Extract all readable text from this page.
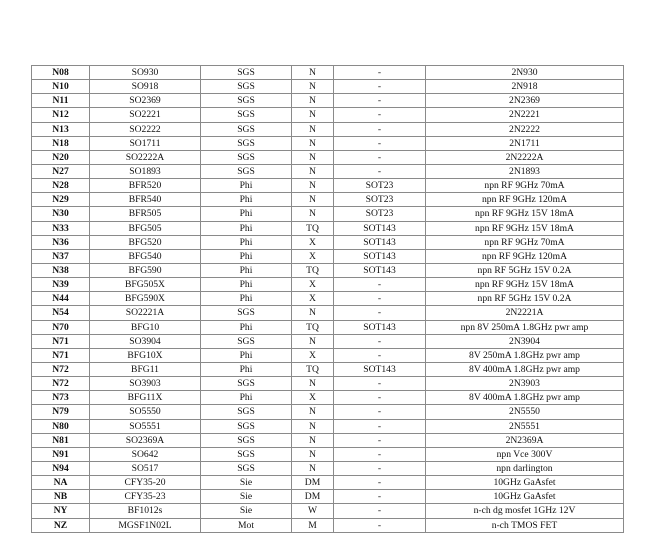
N08	SO930	SGS	N	-	2N930
N10	SO918	SGS	N	-	2N918
N11	SO2369	SGS	N	-	2N2369
N12	SO2221	SGS	N	-	2N2221
N13	SO2222	SGS	N	-	2N2222
N18	SO1711	SGS	N	-	2N1711
N20	SO2222A	SGS	N	-	2N2222A
N27	SO1893	SGS	N	-	2N1893
N28	BFR520	Phi	N	SOT23	npn RF 9GHz 70mA
N29	BFR540	Phi	N	SOT23	npn RF 9GHz 120mA
N30	BFR505	Phi	N	SOT23	npn RF 9GHz 15V 18mA
N33	BFG505	Phi	TQ	SOT143	npn RF 9GHz 15V 18mA
N36	BFG520	Phi	X	SOT143	npn RF 9GHz 70mA
N37	BFG540	Phi	X	SOT143	npn RF 9GHz 120mA
N38	BFG590	Phi	TQ	SOT143	npn RF 5GHz 15V 0.2A
N39	BFG505X	Phi	X	-	npn RF 9GHz 15V 18mA
N44	BFG590X	Phi	X	-	npn RF 5GHz 15V 0.2A
N54	SO2221A	SGS	N	-	2N2221A
N70	BFG10	Phi	TQ	SOT143	npn 8V 250mA 1.8GHz pwr amp
N71	SO3904	SGS	N	-	2N3904
N71	BFG10X	Phi	X	-	8V 250mA 1.8GHz pwr amp
N72	BFG11	Phi	TQ	SOT143	8V 400mA 1.8GHz pwr amp
N72	SO3903	SGS	N	-	2N3903
N73	BFG11X	Phi	X	-	8V 400mA 1.8GHz pwr amp
N79	SO5550	SGS	N	-	2N5550
N80	SO5551	SGS	N	-	2N5551
N81	SO2369A	SGS	N	-	2N2369A
N91	SO642	SGS	N	-	npn Vce 300V
N94	SO517	SGS	N	-	npn darlington
NA	CFY35-20	Sie	DM	-	10GHz GaAsfet
NB	CFY35-23	Sie	DM	-	10GHz GaAsfet
NY	BF1012s	Sie	W	-	n-ch dg mosfet 1GHz 12V
NZ	MGSF1N02L	Mot	M	-	n-ch TMOS FET
